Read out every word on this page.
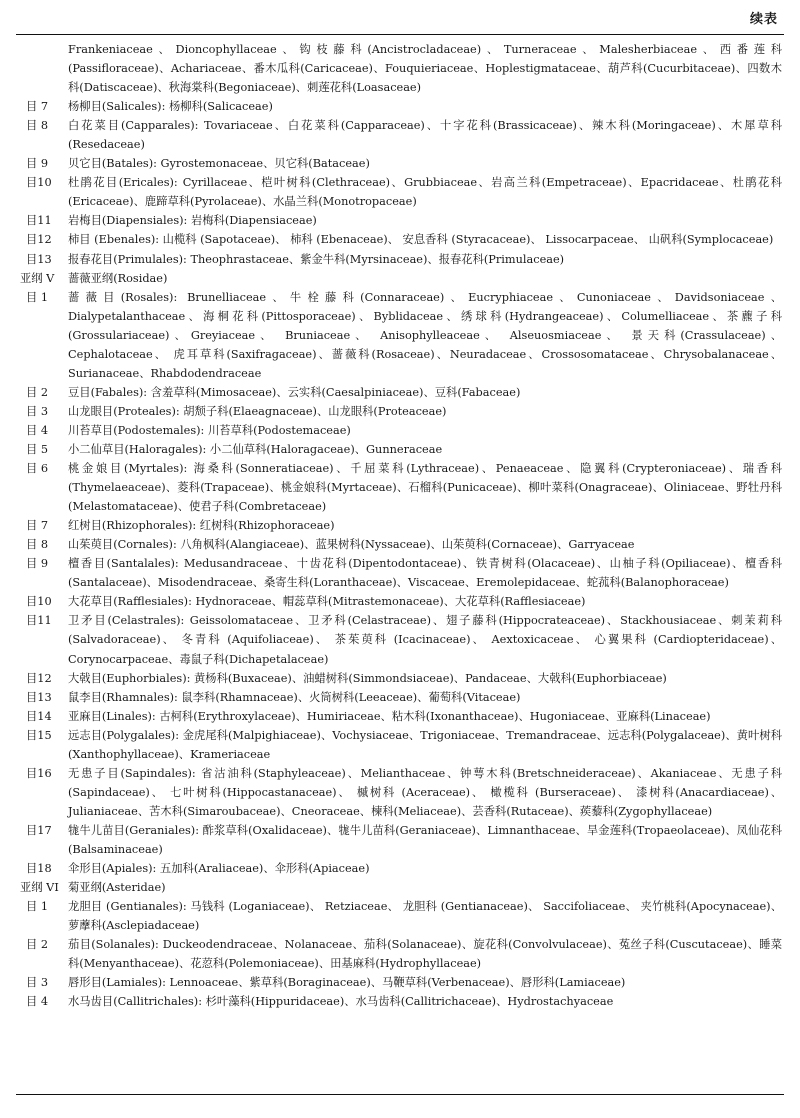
续表
Frankeniaceae、Dioncophyllaceae、钩枝藤科(Ancistrocladaceae)、Turneraceae、Malesherbiaceae、西番莲科(Passifloraceae)、Achariaceae、番木瓜科(Caricaceae)、Fouquieriaceae、Hoplestigmataceae、葫芦科(Cucurbitaceae)、四数木科(Datiscaceae)、秋海棠科(Begoniaceae)、刺莲花科(Loasaceae)
目 7 杨柳目(Salicales): 杨柳科(Salicaceae)
目 8 白花菜目(Capparales): Tovariaceae、白花菜科(Capparaceae)、十字花科(Brassicaceae)、辣木科(Moringaceae)、木犀草科(Resedaceae)
目 9 贝它目(Batales): Gyrostemonaceae、贝它科(Bataceae)
目10 杜鹃花目(Ericales): Cyrillaceae、桤叶树科(Clethraceae)、Grubbiaceae、岩高兰科(Empetraceae)、Epacridaceae、杜鹃花科(Ericaceae)、鹿蹄草科(Pyrolaceae)、水晶兰科(Monotropaceae)
目11 岩梅目(Diapensiales): 岩梅科(Diapensiaceae)
目12 柿目 (Ebenales): 山榄科 (Sapotaceae)、 柿科 (Ebenaceae)、 安息香科 (Styracaceae)、 Lissocarpaceae、 山矾科(Symplocaceae)
目13 报春花目(Primulales): Theophrastaceae、紫金牛科(Myrsinaceae)、报春花科(Primulaceae)
亚纲 V 蔷薇亚纲(Rosidae)
目 1 蔷薇目(Rosales): Brunelliaceae、牛栓藤科(Connaraceae)、Eucryphiaceae、Cunoniaceae、Davidsoniaceae、Dialypetalanthaceae、海桐花科(Pittosporaceae)、Byblidaceae、绣球科(Hydrangeaceae)、Columelliaceae、茶藨子科 (Grossulariaceae)、Greyiaceae、 Bruniaceae、 Anisophylleaceae、 Alseuosmiaceae、 景天科(Crassulaceae)、 Cephalotaceae、 虎耳草科(Saxifragaceae)、蔷薇科(Rosaceae)、Neuradaceae、Crossosomataceae、Chrysobalanaceae、Surianaceae、Rhabdodendraceae
目 2 豆目(Fabales): 含羞草科(Mimosaceae)、云实科(Caesalpiniaceae)、豆科(Fabaceae)
目 3 山龙眼目(Proteales): 胡颓子科(Elaeagnaceae)、山龙眼科(Proteaceae)
目 4 川苔草目(Podostemales): 川苔草科(Podostemaceae)
目 5 小二仙草目(Haloragales): 小二仙草科(Haloragaceae)、Gunneraceae
目 6 桃金娘目(Myrtales): 海桑科(Sonneratiaceae)、千屈菜科(Lythraceae)、Penaeaceae、隐翼科(Crypteroniaceae)、瑞香科(Thymelaeaceae)、菱科(Trapaceae)、桃金娘科(Myrtaceae)、石榴科(Punicaceae)、柳叶菜科(Onagraceae)、Oliniaceae、野牡丹科(Melastomataceae)、使君子科(Combretaceae)
目 7 红树目(Rhizophorales): 红树科(Rhizophoraceae)
目 8 山茱萸目(Cornales): 八角枫科(Alangiaceae)、蓝果树科(Nyssaceae)、山茱萸科(Cornaceae)、Garryaceae
目 9 檀香目(Santalales): Medusandraceae、十齿花科(Dipentodontaceae)、铁青树科(Olacaceae)、山柚子科(Opiliaceae)、檀香科(Santalaceae)、Misodendraceae、桑寄生科(Loranthaceae)、Viscaceae、Eremolepidaceae、蛇菰科(Balanophoraceae)
目10 大花草目(Rafflesiales): Hydnoraceae、帽蕊草科(Mitrastemonaceae)、大花草科(Rafflesiaceae)
目11 卫矛目(Celastrales): Geissolomataceae、卫矛科(Celastraceae)、翅子藤科(Hippocrateaceae)、Stackhousiaceae、刺茉莉科(Salvadoraceae)、 冬青科 (Aquifoliaceae)、 茶茱萸科 (Icacinaceae)、 Aextoxicaceae、 心翼果科 (Cardiopteridaceae)、Corynocarpaceae、毒鼠子科(Dichapetalaceae)
目12 大戟目(Euphorbiales): 黄杨科(Buxaceae)、油蜡树科(Simmondsiaceae)、Pandaceae、大戟科(Euphorbiaceae)
目13 鼠李目(Rhamnales): 鼠李科(Rhamnaceae)、火筒树科(Leeaceae)、葡萄科(Vitaceae)
目14 亚麻目(Linales): 古柯科(Erythroxylaceae)、Humiriaceae、粘木科(Ixonanthaceae)、Hugoniaceae、亚麻科(Linaceae)
目15 远志目(Polygalales): 金虎尾科(Malpighiaceae)、Vochysiaceae、Trigoniaceae、Tremandraceae、远志科(Polygalaceae)、黄叶树科(Xanthophyllaceae)、Krameriaceae
目16 无患子目(Sapindales): 省沽油科(Staphyleaceae)、Melianthaceae、钟萼木科(Bretschneideraceae)、Akaniaceae、无患子科(Sapindaceae)、 七叶树科(Hippocastanaceae)、 槭树科 (Aceraceae)、 橄榄科 (Burseraceae)、 漆树科(Anacardiaceae)、Julianiaceae、苦木科(Simaroubaceae)、Cneoraceae、楝科(Meliaceae)、芸香科(Rutaceae)、蒺藜科(Zygophyllaceae)
目17 牻牛儿苗目(Geraniales): 酢浆草科(Oxalidaceae)、牻牛儿苗科(Geraniaceae)、Limnanthaceae、旱金莲科(Tropaeolaceae)、凤仙花科(Balsaminaceae)
目18 伞形目(Apiales): 五加科(Araliaceae)、伞形科(Apiaceae)
亚纲 VI 菊亚纲(Asteridae)
目 1 龙胆目 (Gentianales): 马钱科 (Loganiaceae)、 Retziaceae、 龙胆科 (Gentianaceae)、 Saccifoliaceae、 夹竹桃科(Apocynaceae)、萝藦科(Asclepiadaceae)
目 2 茄目(Solanales): Duckeodendraceae、Nolanaceae、茄科(Solanaceae)、旋花科(Convolvulaceae)、菟丝子科(Cuscutaceae)、睡菜科(Menyanthaceae)、花荵科(Polemoniaceae)、田基麻科(Hydrophyllaceae)
目 3 唇形目(Lamiales): Lennoaceae、紫草科(Boraginaceae)、马鞭草科(Verbenaceae)、唇形科(Lamiaceae)
目 4 水马齿目(Callitrichales): 杉叶藻科(Hippuridaceae)、水马齿科(Callitrichaceae)、Hydrostachyaceae
